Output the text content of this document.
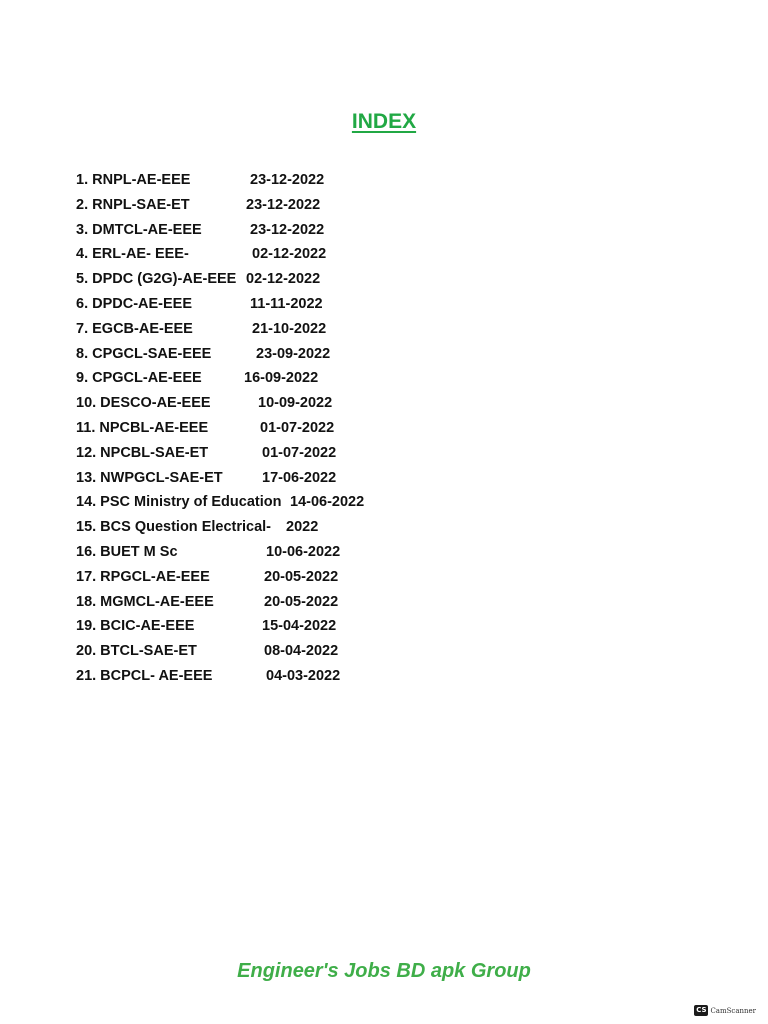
INDEX
1. RNPL-AE-EEE	23-12-2022
2. RNPL-SAE-ET	23-12-2022
3. DMTCL-AE-EEE	23-12-2022
4. ERL-AE- EEE-	02-12-2022
5. DPDC (G2G)-AE-EEE 02-12-2022
6. DPDC-AE-EEE	11-11-2022
7. EGCB-AE-EEE	21-10-2022
8. CPGCL-SAE-EEE	23-09-2022
9. CPGCL-AE-EEE	16-09-2022
10. DESCO-AE-EEE	10-09-2022
11. NPCBL-AE-EEE	01-07-2022
12. NPCBL-SAE-ET	01-07-2022
13. NWPGCL-SAE-ET	17-06-2022
14. PSC Ministry of Education 14-06-2022
15. BCS Question Electrical- 2022
16. BUET M Sc	10-06-2022
17. RPGCL-AE-EEE	20-05-2022
18. MGMCL-AE-EEE	20-05-2022
19. BCIC-AE-EEE	15-04-2022
20. BTCL-SAE-ET	08-04-2022
21. BCPCL- AE-EEE	04-03-2022
Engineer's Jobs BD apk Group
CS CamScanner
